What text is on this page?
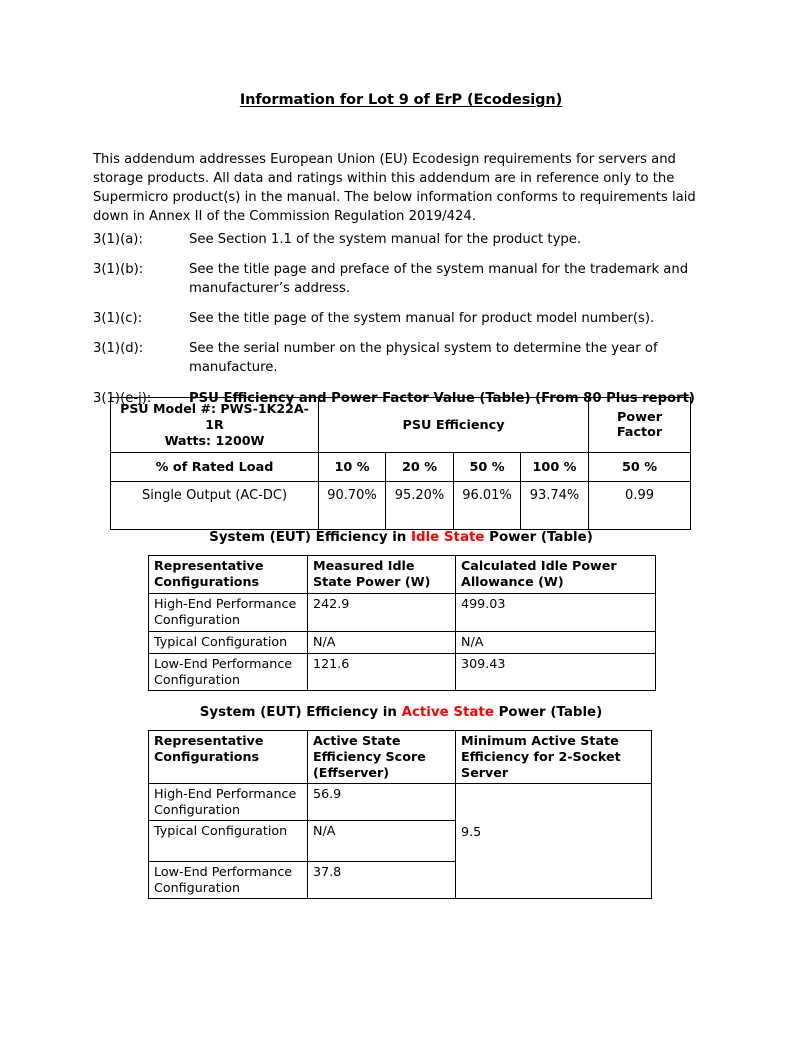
Information for Lot 9 of ErP (Ecodesign)
This addendum addresses European Union (EU) Ecodesign requirements for servers and storage products. All data and ratings within this addendum are in reference only to the Supermicro product(s) in the manual. The below information conforms to requirements laid down in Annex II of the Commission Regulation 2019/424.
3(1)(a):	See Section 1.1 of the system manual for the product type.
3(1)(b):	See the title page and preface of the system manual for the trademark and manufacturer’s address.
3(1)(c):	See the title page of the system manual for product model number(s).
3(1)(d):	See the serial number on the physical system to determine the year of manufacture.
3(1)(e-j):	PSU Efficiency and Power Factor Value (Table) (From 80 Plus report)
PSU Model #: PWS-1K22A-1R
Watts: 1200W	PSU Efficiency				Power Factor
% of Rated Load	10 %	20 %	50 %	100 %	50 %
Single Output (AC-DC)	90.70%	95.20%	96.01%	93.74%	0.99
System (EUT) Efficiency in Idle State Power (Table)
Representative Configurations	Measured Idle State Power (W)	Calculated Idle Power Allowance (W)
High-End Performance Configuration	242.9	499.03
Typical Configuration	N/A	N/A
Low-End Performance Configuration	121.6	309.43
System (EUT) Efficiency in Active State Power (Table)
Representative Configurations	Active State Efficiency Score (Effserver)	Minimum Active State Efficiency for 2-Socket Server
High-End Performance Configuration	56.9	9.5
Typical Configuration	N/A	
Low-End Performance Configuration	37.8	
